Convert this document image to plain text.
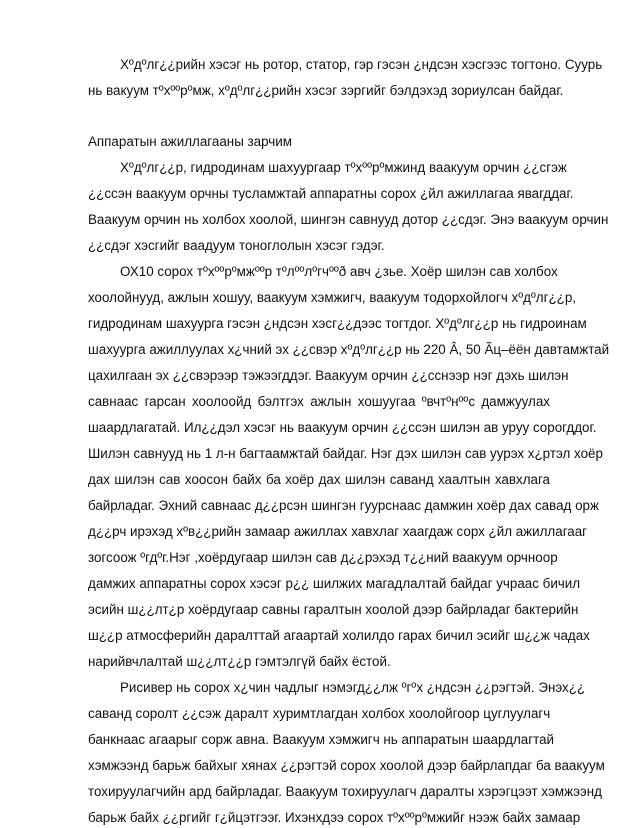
Хºдºлг¿¿рийн хэсэг нь ротор, статор, гэр гэсэн ¿ндсэн хэсгээс тогтоно. Суурь
нь вакуум тºхººрºмж, хºдºлг¿¿рийн хэсэг зэргийг бэлдэхэд зориулсан байдаг.
Аппаратын ажиллагааны зарчим
Хºдºлг¿¿р, гидродинам шахуургаар тºхººрºмжинд ваакуум орчин ¿¿сгэж
¿¿ссэн ваакуум орчны тусламжтай аппаратны сорох ¿йл ажиллагаа явагддаг.
Ваакуум орчин нь холбох хоолой, шингэн савнууд дотор ¿¿сдэг. Энэ ваакуум орчин
¿¿сдэг хэсгийг ваадуум тоноглолын хэсэг гэдэг.
ОХ10 сорох тºхººрºмжººр тºлººлºгчººð авч ¿зье. Хоёр шилэн сав холбох
хоолойнууд, ажлын хошуу, ваакуум хэмжигч, ваакуум тодорхойлогч хºдºлг¿¿р,
гидродинам шахуурга гэсэн ¿ндсэн хэсг¿¿дээс тогтдог. Хºдºлг¿¿р нь гидроинам
шахуурга ажиллуулах х¿чний эх ¿¿свэр хºдºлг¿¿р нь 220 Â, 50 Ãц–ёён давтамжтай
цахилгаан эх ¿¿свэрээр тэжээгддэг. Ваакуум орчин ¿¿сснээр нэг дэхь шилэн
савнаас гарсан хоолоойд бэлтгэх ажлын хошуугаа ºвчтºнººс дамжуулах
шаардлагатай. Ил¿¿дэл хэсэг нь ваакуум орчин ¿¿ссэн шилэн ав уруу сорогддог.
Шилэн савнууд нь 1 л-н багтаамжтай байдаг. Нэг дэх шилэн сав уурэх х¿ртэл хоёр
дах шилэн сав хоосон байх ба хоёр дах шилэн саванд хаалтын хавхлага
байрладаг. Эхний савнаас д¿¿рсэн шингэн гуурснаас дамжин хоёр дах савад орж
д¿¿рч ирэхэд хºв¿¿рийн замаар ажиллах хавхлаг хаагдаж сорх ¿йл ажиллагааг
зогсоож ºгдºг.Нэг ,хоёрдугаар шилэн сав д¿¿рэхэд т¿¿ний ваакуум орчноор
дамжих аппаратны сорох хэсэг р¿¿ шилжих магадлалтай байдаг учраас бичил
эсийн ш¿¿лт¿р хоёрдугаар савны гаралтын хоолой дээр байрладаг бактерийн
ш¿¿р атмосферийн даралттай агаартай холилдо гарах бичил эсийг ш¿¿ж чадах
нарийвчлалтай ш¿¿лт¿¿р гэмтэлгүй байх ёстой.
Рисивер нь сорох х¿чин чадлыг нэмэгд¿¿лж ºгºх ¿ндсэн ¿¿рэгтэй. Энэх¿¿
саванд соролт ¿¿сэж даралт хуримтлагдан холбох хоолойгоор цуглуулагч
банкнаас агаарыг сорж авна. Ваакуум хэмжигч нь аппаратын шаардлагтай
хэмжээнд барьж байхыг хянах ¿¿рэгтэй сорох хоолой дээр байрлапдаг ба ваакуум
тохируулагчийн ард байрладаг. Ваакуум тохируулагч даралты хэрэгцээт хэмжээнд
барьж байх ¿¿ргийг г¿йцэтгээг. Ихэнхдээ сорох тºхººрºмжийг нээж байх замаар
